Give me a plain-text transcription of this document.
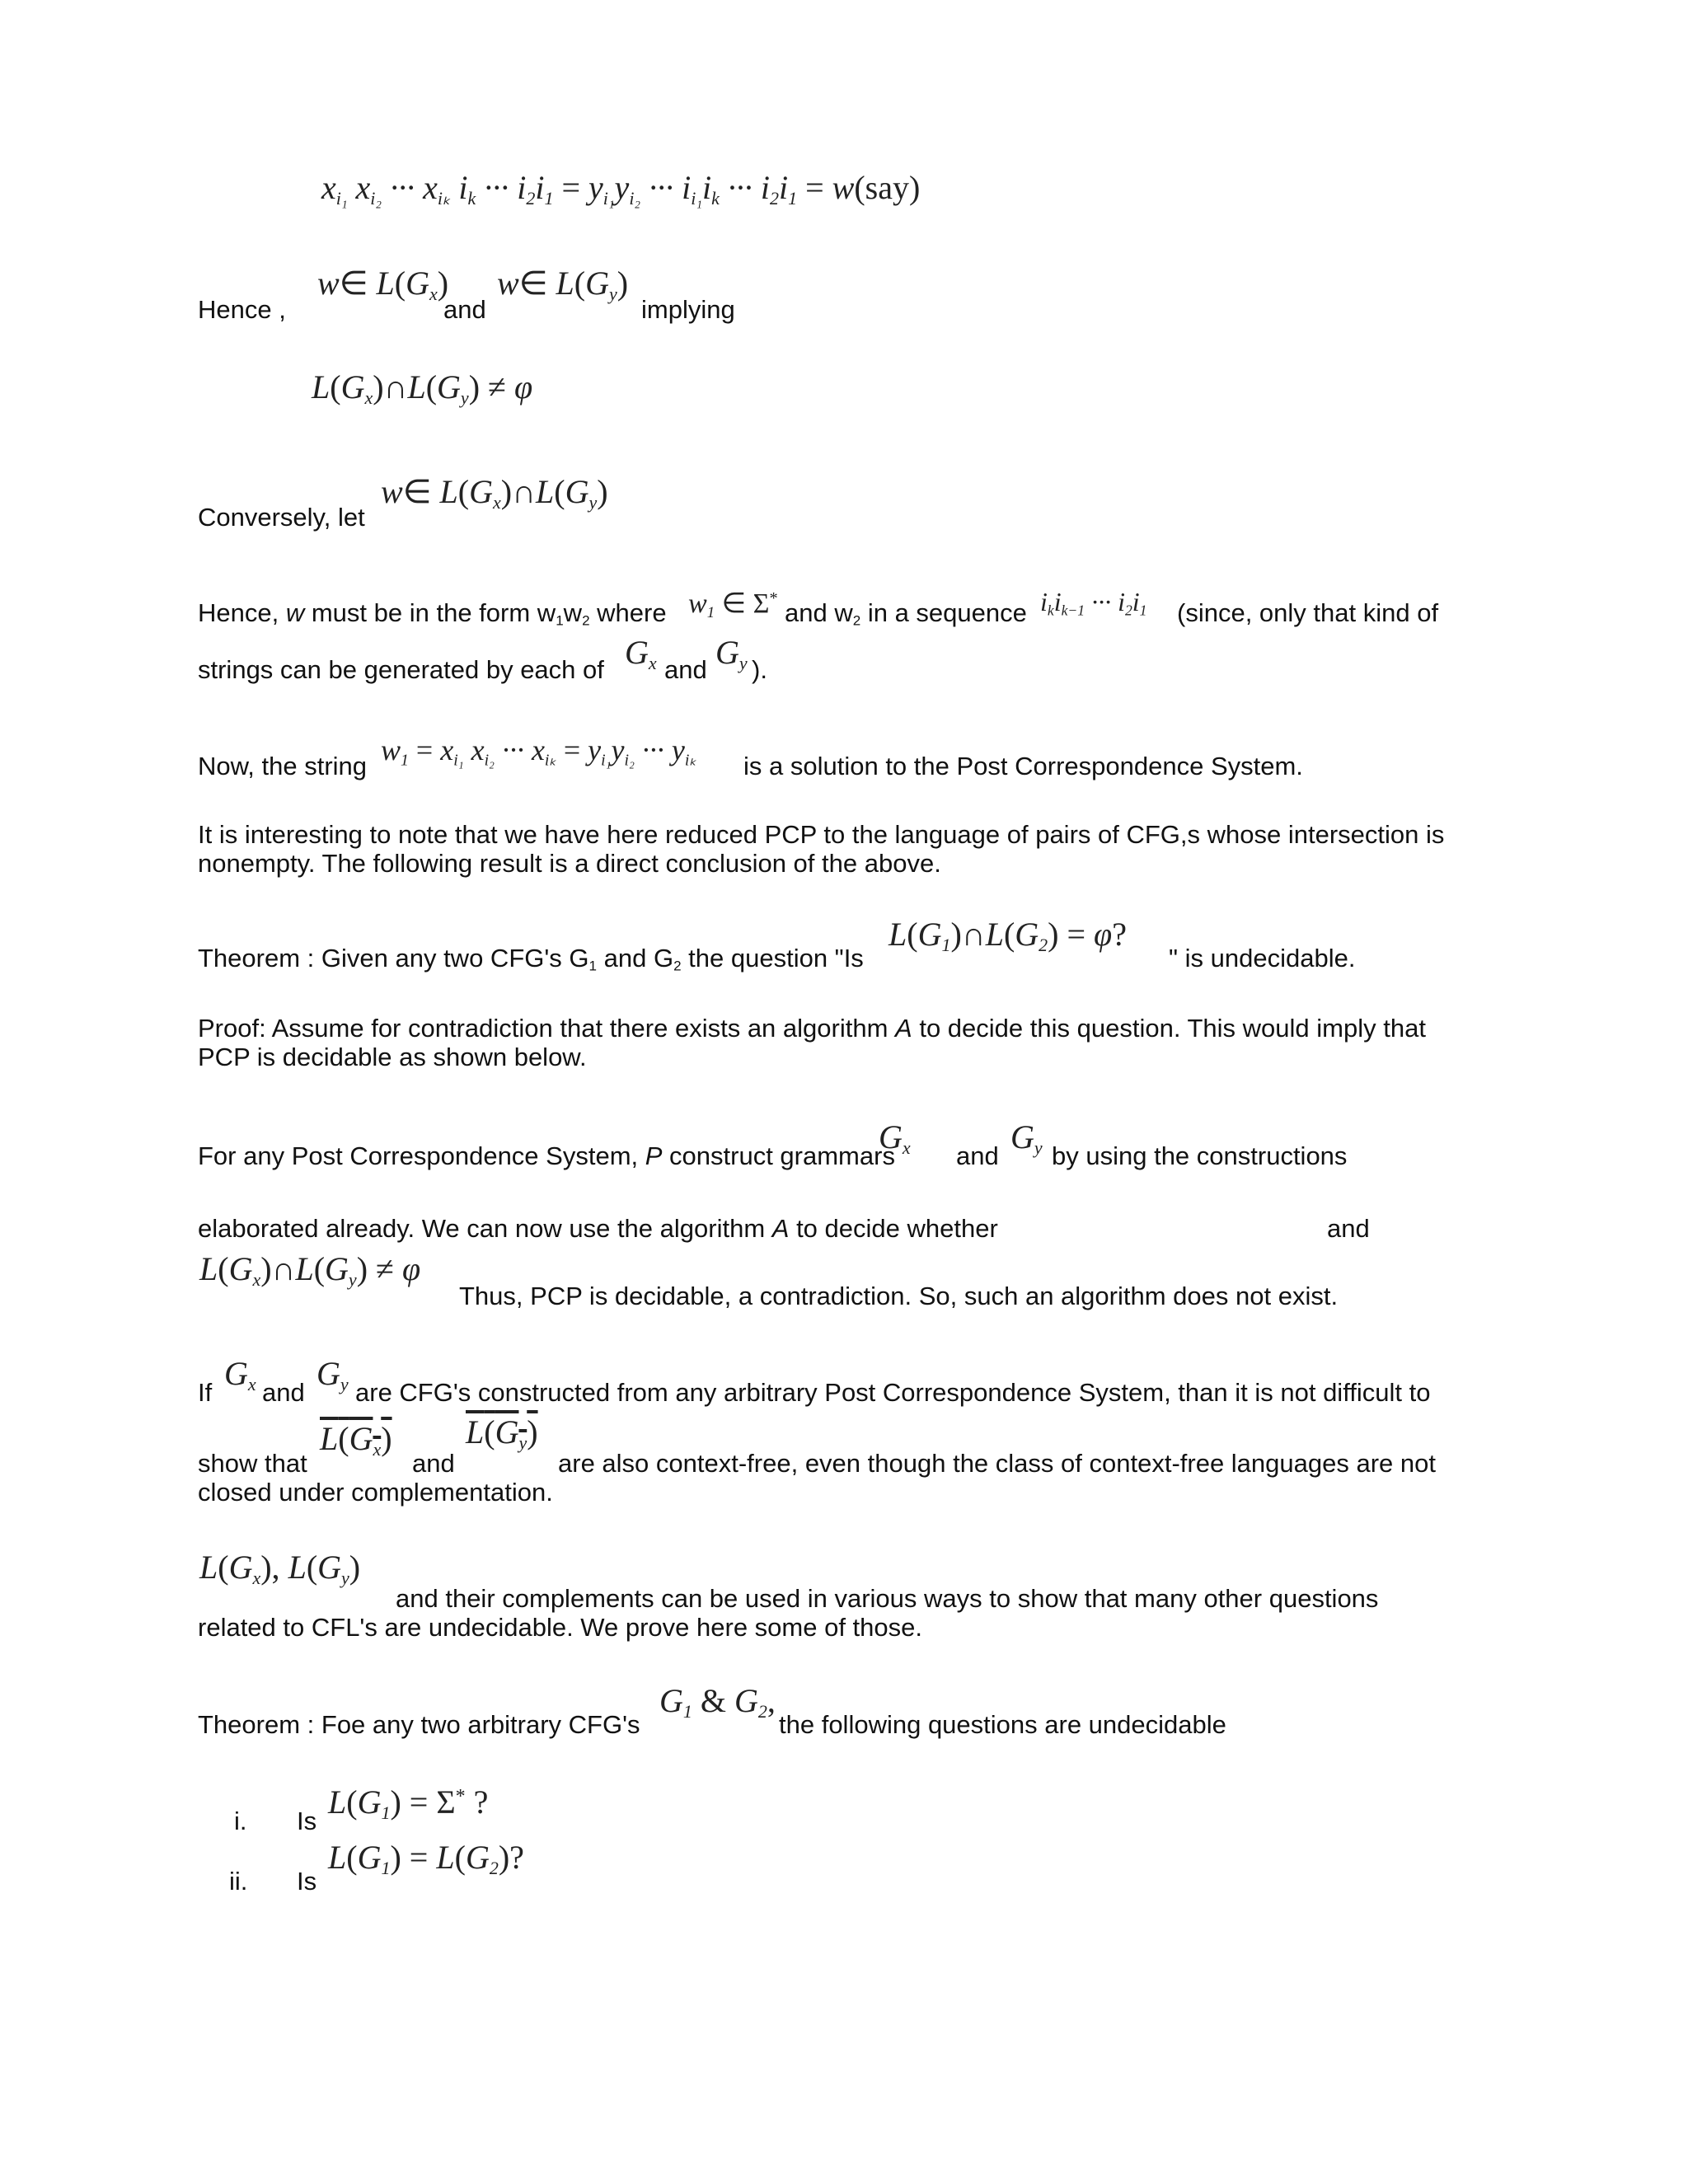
xi₁ xi₂ ··· xiₖ ik ··· i2i1 = yi₁yi₂ ··· ii₁ik ··· i2i1 = w(say)
Hence ,
w∈ L(Gx)
and
w∈ L(Gy)
implying
L(Gx)∩L(Gy) ≠ φ
Conversely, let
w∈ L(Gx)∩L(Gy)
Hence, w must be in the form w1w2 where w1 ∈ Σ* and w2 in a sequence ikik−1 ··· i2i1 (since, only that kind of
strings can be generated by each of Gx and Gy ).
Now, the string w1 = xi₁ xi₂ ··· xiₖ = yi₁yi₂ ··· yiₖ is a solution to the Post Correspondence System.
It is interesting to note that we have here reduced PCP to the language of pairs of CFG,s whose intersection is
nonempty. The following result is a direct conclusion of the above.
Theorem : Given any two CFG's G1 and G2 the question "Is
L(G1)∩L(G2) = φ?
" is undecidable.
Proof: Assume for contradiction that there exists an algorithm A to decide this question. This would imply that
PCP is decidable as shown below.
For any Post Correspondence System, P construct grammars
Gx and
Gy by using the constructions
elaborated already. We can now use the algorithm A to decide whether	and
L(Gx)∩L(Gy) ≠ φ
Thus, PCP is decidable, a contradiction. So, such an algorithm does not exist.
If
Gx and
Gy are CFG's constructed from any arbitrary Post Correspondence System, than it is not difficult to
show that
L(Gx)
and
L(Gy)
are also context-free, even though the class of context-free languages are not
closed under complementation.
L(Gx), L(Gy)
and their complements can be used in various ways to show that many other questions
related to CFL's are undecidable. We prove here some of those.
Theorem : Foe any two arbitrary CFG's
G1 & G2,
the following questions are undecidable
i. Is
L(G1) = Σ* ?
ii. Is
L(G1) = L(G2)?
